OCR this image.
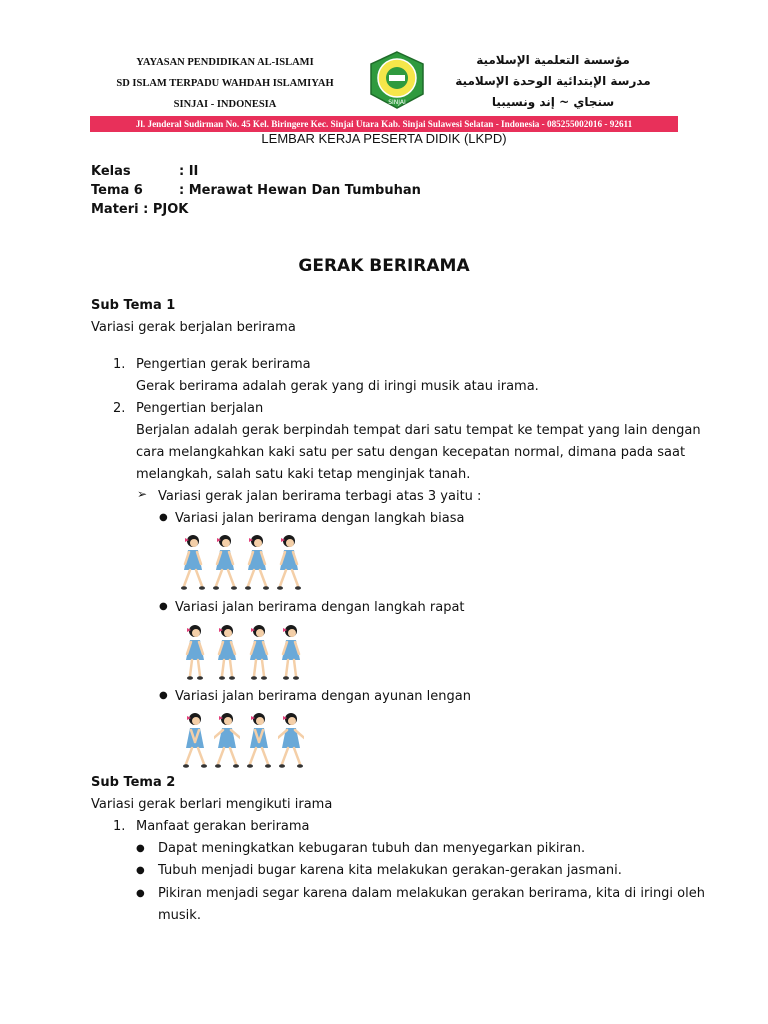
YAYASAN PENDIDIKAN AL-ISLAMI
SD ISLAM TERPADU WAHDAH ISLAMIYAH
SINJAI - INDONESIA	SINJAI
مؤسسة التعلمية الإسلامية
مدرسة الإبتدائية الوحدة الإسلامية
سنجاي ~ إند ونسيبيا
Jl. Jenderal Sudirman No. 45 Kel. Biringere Kec. Sinjai Utara Kab. Sinjai Sulawesi Selatan - Indonesia - 085255002016 - 92611
LEMBAR KERJA PESERTA DIDIK (LKPD)
Kelas	: II
Tema 6	: Merawat Hewan Dan Tumbuhan
Materi : PJOK
GERAK BERIRAMA
Sub Tema 1
Variasi gerak berjalan berirama
1. Pengertian gerak berirama
Gerak berirama adalah gerak yang di iringi musik atau irama.
2. Pengertian berjalan
Berjalan adalah gerak berpindah tempat dari satu tempat ke tempat yang lain dengan
cara melangkahkan kaki satu per satu dengan kecepatan normal, dimana pada saat
melangkah, salah satu kaki tetap menginjak tanah.
➢ Variasi gerak jalan berirama terbagi atas 3 yaitu :
● Variasi jalan berirama dengan langkah biasa
● Variasi jalan berirama dengan langkah rapat
● Variasi jalan berirama dengan ayunan lengan
Sub Tema 2
Variasi gerak berlari mengikuti irama
1. Manfaat gerakan berirama
● Dapat meningkatkan kebugaran tubuh dan menyegarkan pikiran.
● Tubuh menjadi bugar karena kita melakukan gerakan-gerakan jasmani.
● Pikiran menjadi segar karena dalam melakukan gerakan berirama, kita di iringi oleh
musik.
